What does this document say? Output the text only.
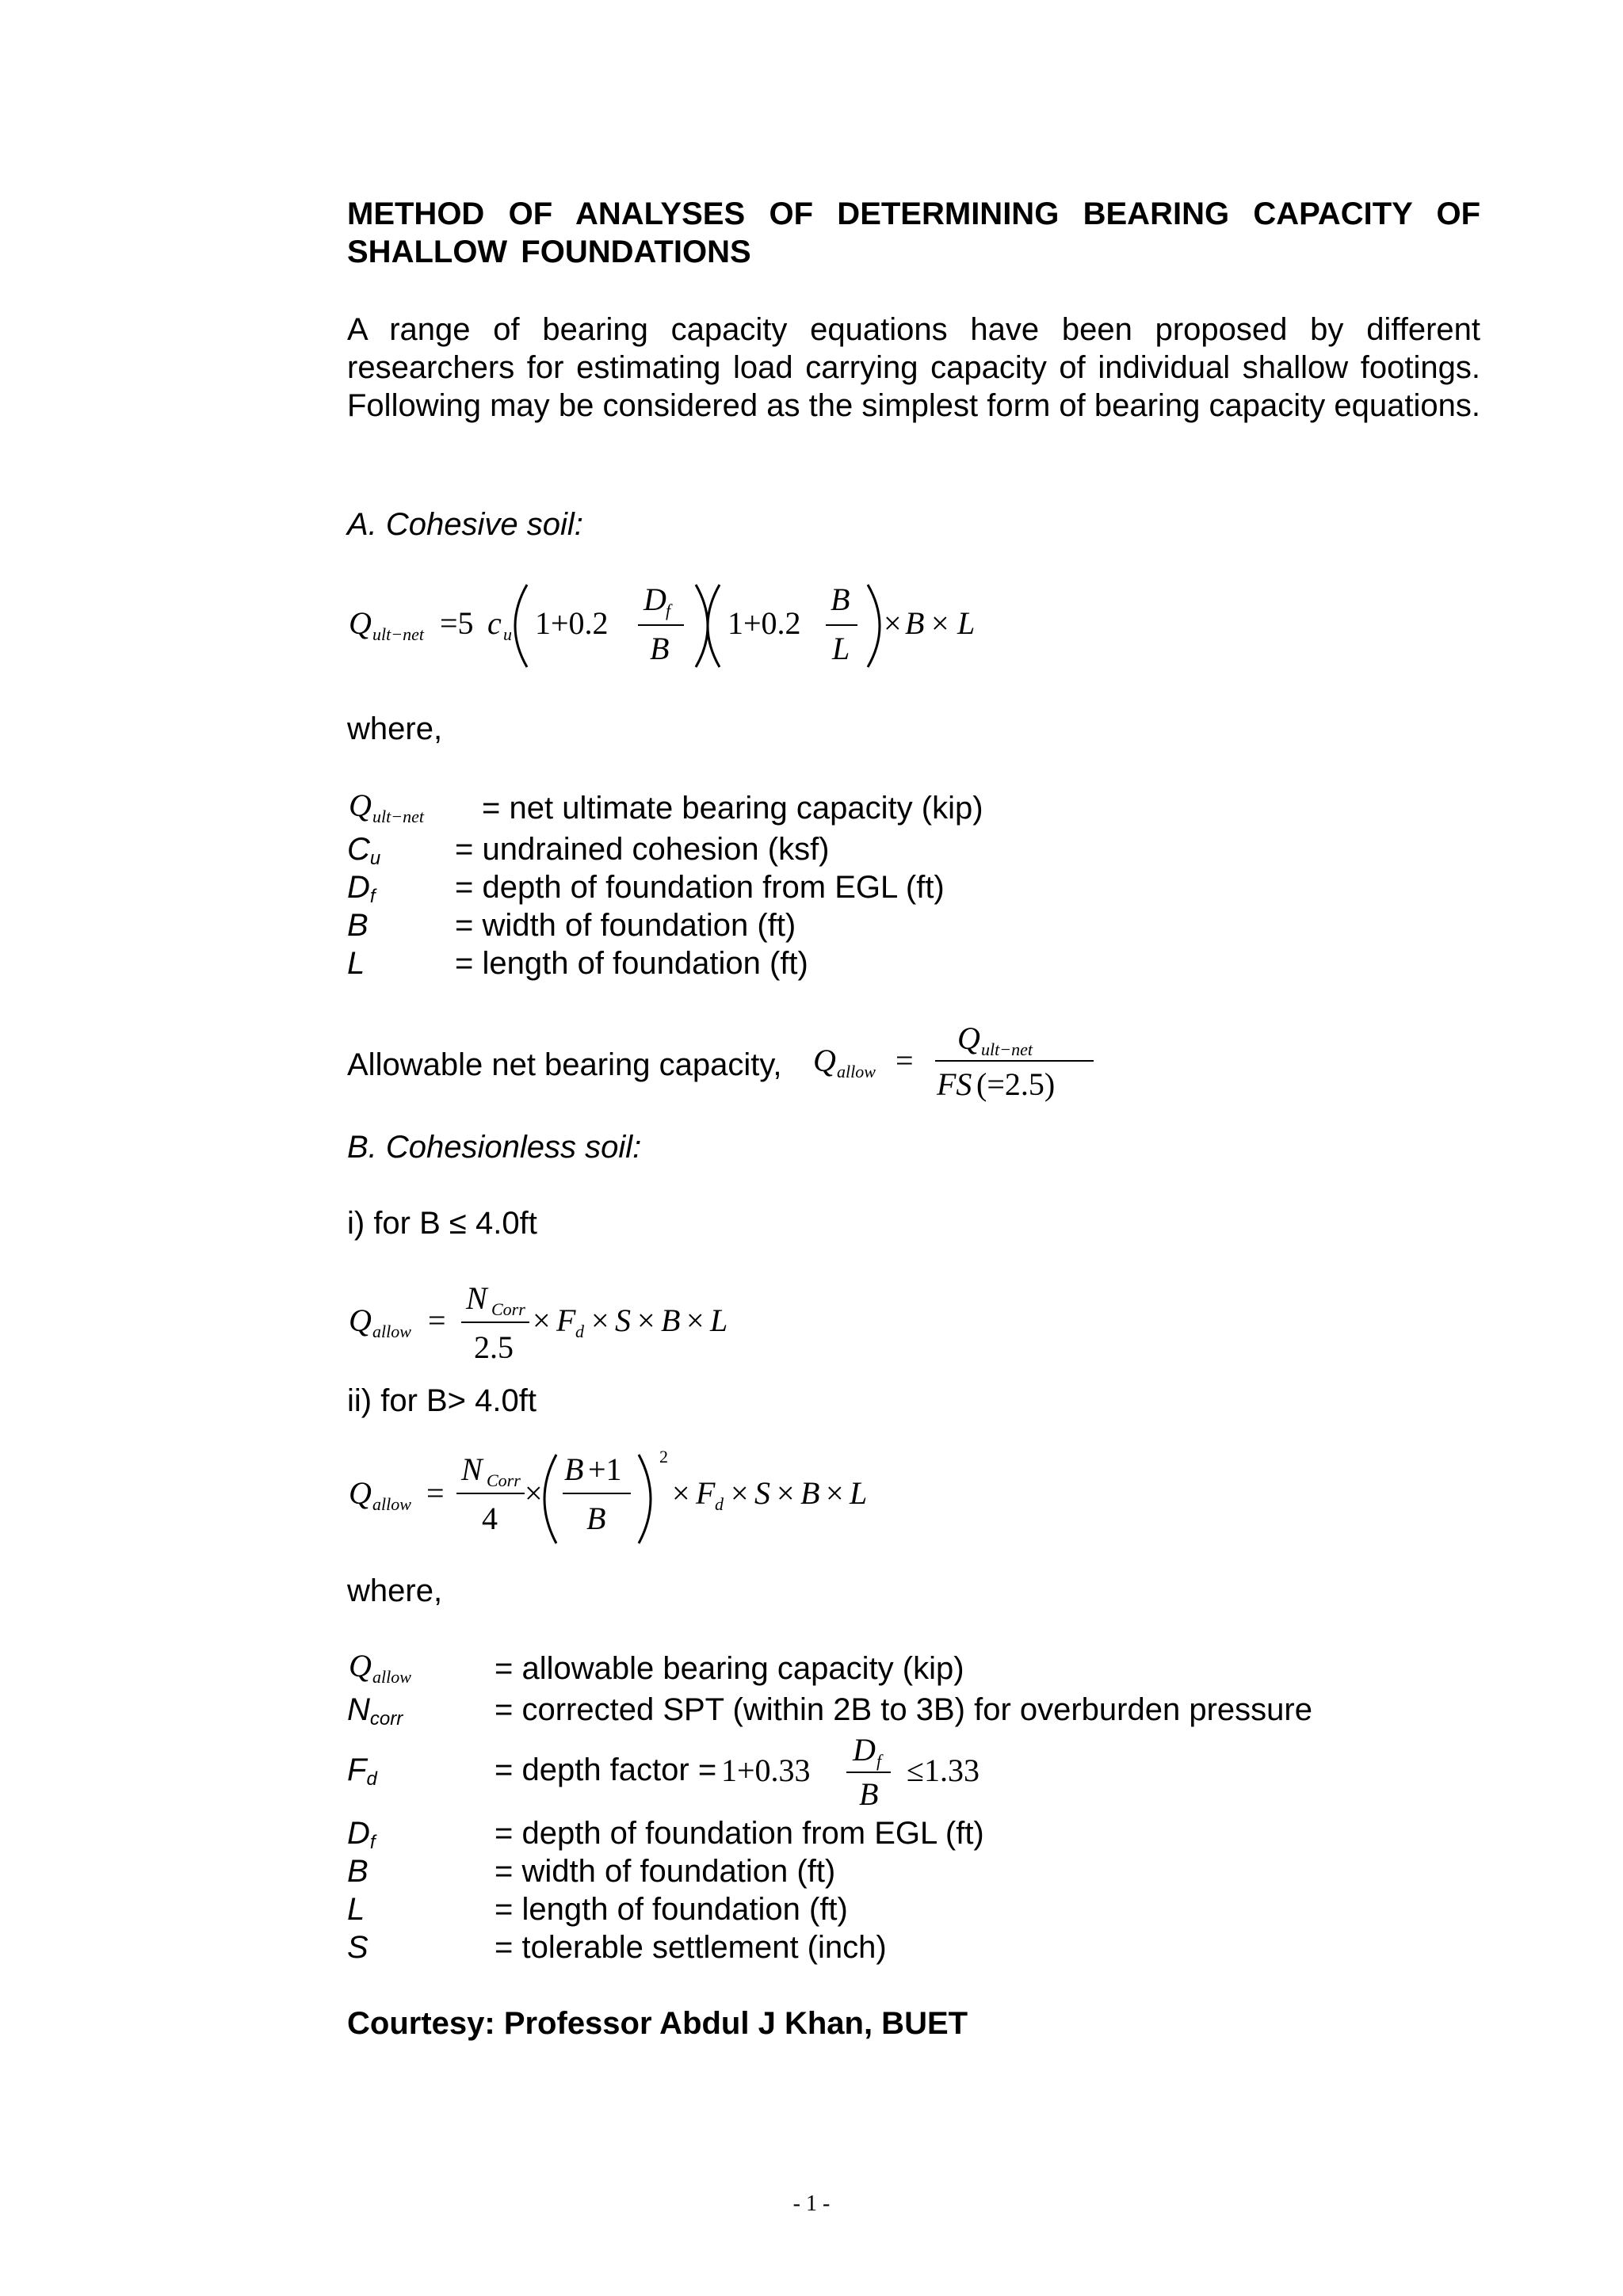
METHOD OF ANALYSES OF DETERMINING BEARING CAPACITY OF SHALLOW FOUNDATIONS
A range of bearing capacity equations have been proposed by different researchers for estimating load carrying capacity of individual shallow footings. Following may be considered as the simplest form of bearing capacity equations.
A. Cohesive soil:
Q ult−net =5 c u 1+0.2
D f
B
1+0.2
B
L
× B × L
where,
Q ult−net = net ultimate bearing capacity (kip)
$C_u$ = undrained cohesion (ksf)
$D_f$	= depth of foundation from EGL (ft)
B	= width of foundation (ft)
L	= length of foundation (ft)
Allowable net bearing capacity, Q allow =
Q ult−net
FS (=2.5)
B. Cohesionless soil:
i) for B ≤ 4.0ft
Q allow =
N Corr
2.5
× F d × S × B × L
ii) for B> 4.0ft
Q allow =
N Corr
4
×
B +1
B
2
× F d × S × B × L
where,
Q allow	= allowable bearing capacity (kip)
$N_{corr}$	= corrected SPT (within 2B to 3B) for overburden pressure
$F_d$	= depth factor = 1+0.33
D f
B
≤1.33
$D_f$	= depth of foundation from EGL (ft)
B	= width of foundation (ft)
L	= length of foundation (ft)
S	= tolerable settlement (inch)
Courtesy: Professor Abdul J Khan, BUET
- 1 -
